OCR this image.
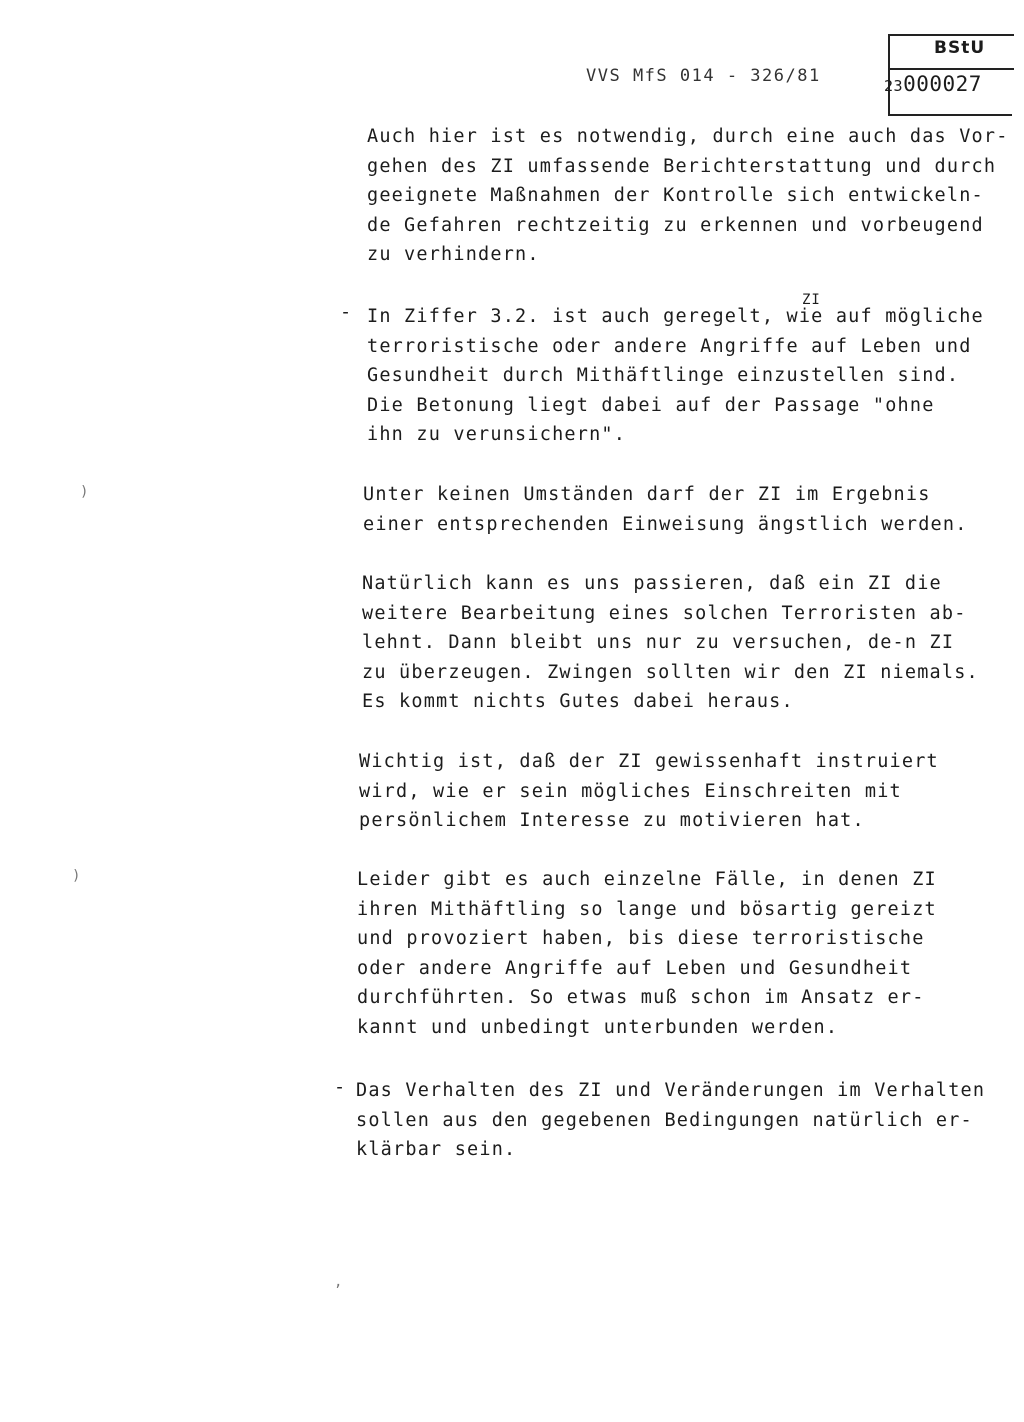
VVS MfS 014 - 326/81
BStU
23000027
Auch hier ist es notwendig, durch eine auch das Vor-
gehen des ZI umfassende Berichterstattung und durch
geeignete Maßnahmen der Kontrolle sich entwickeln-
de Gefahren rechtzeitig zu erkennen und vorbeugend
zu verhindern.
-
ZI
In Ziffer 3.2. ist auch geregelt, wie auf mögliche
terroristische oder andere Angriffe auf Leben und
Gesundheit durch Mithäftlinge einzustellen sind.
Die Betonung liegt dabei auf der Passage "ohne
ihn zu verunsichern".
Unter keinen Umständen darf der ZI im Ergebnis
einer entsprechenden Einweisung ängstlich werden.
Natürlich kann es uns passieren, daß ein ZI die
weitere Bearbeitung eines solchen Terroristen ab-
lehnt. Dann bleibt uns nur zu versuchen, de-n ZI
zu überzeugen. Zwingen sollten wir den ZI niemals.
Es kommt nichts Gutes dabei heraus.
Wichtig ist, daß der ZI gewissenhaft instruiert
wird, wie er sein mögliches Einschreiten mit
persönlichem Interesse zu motivieren hat.
Leider gibt es auch einzelne Fälle, in denen ZI
ihren Mithäftling so lange und bösartig gereizt
und provoziert haben, bis diese terroristische
oder andere Angriffe auf Leben und Gesundheit
durchführten. So etwas muß schon im Ansatz er-
kannt und unbedingt unterbunden werden.
- Das Verhalten des ZI und Veränderungen im Verhalten
sollen aus den gegebenen Bedingungen natürlich er-
klärbar sein.
)
)
,
